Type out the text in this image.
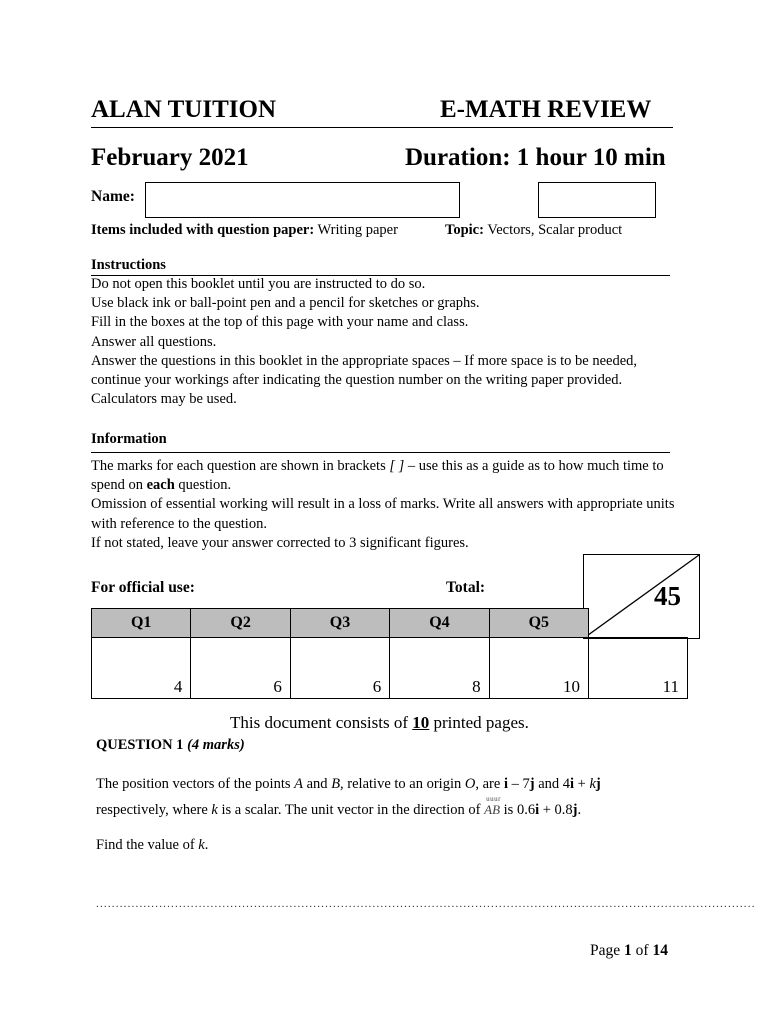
ALAN TUITION	E-MATH REVIEW
February 2021	Duration: 1 hour 10 min
Name:
Items included with question paper: Writing paper	Topic: Vectors, Scalar product
Instructions
Do not open this booklet until you are instructed to do so.
Use black ink or ball-point pen and a pencil for sketches or graphs.
Fill in the boxes at the top of this page with your name and class.
Answer all questions.
Answer the questions in this booklet in the appropriate spaces – If more space is to be needed, continue your workings after indicating the question number on the writing paper provided.
Calculators may be used.
Information
The marks for each question are shown in brackets [ ] – use this as a guide as to how much time to spend on each question.
Omission of essential working will result in a loss of marks. Write all answers with appropriate units with reference to the question.
If not stated, leave your answer corrected to 3 significant figures.
For official use:	Total:	45
Q1	Q2	Q3	Q4	Q5	
4	6	6	8	10	11
This document consists of 10 printed pages.
QUESTION 1 (4 marks)
The position vectors of the points A and B, relative to an origin O, are i – 7j and 4i + kj
respectively, where k is a scalar. The unit vector in the direction of
uuur
AB is 0.6i + 0.8j.
Find the value of k.
.......................................................................................................................................................................
Page 1 of 14
